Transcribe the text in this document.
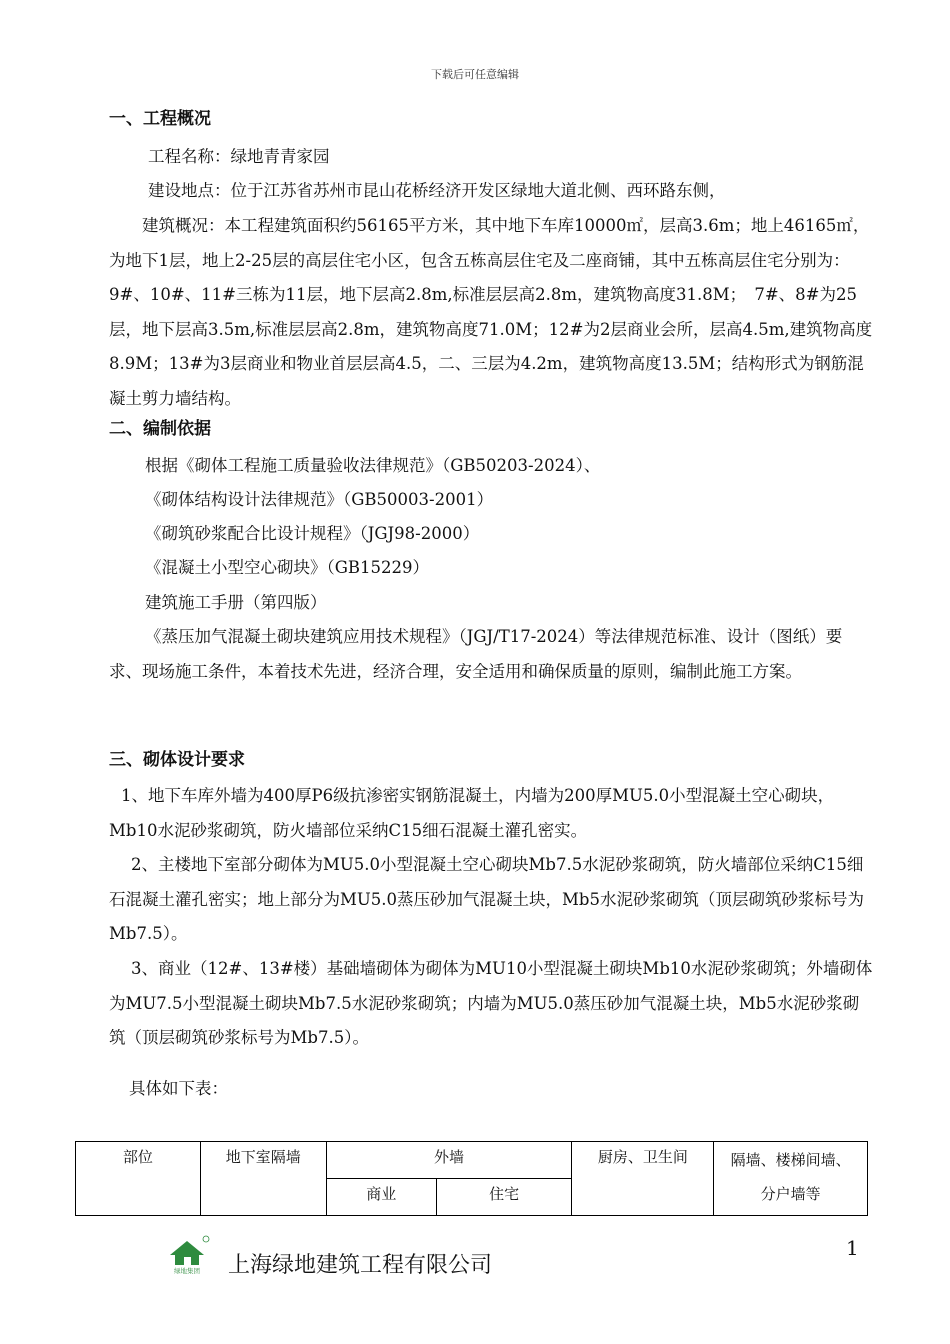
下载后可任意编辑
一、工程概况
工程名称：绿地青青家园
建设地点：位于江苏省苏州市昆山花桥经济开发区绿地大道北侧、西环路东侧，

建筑概况：本工程建筑面积约56165平方米，其中地下车库10000㎡，层高3.6m；地上46165㎡，为地下1层，地上2-25层的高层住宅小区，包含五栋高层住宅及二座商铺，其中五栋高层住宅分别为：　9#、10#、11#三栋为11层，地下层高2.8m,标准层层高2.8m，建筑物高度31.8M；　7#、8#为25层，地下层高3.5m,标准层层高2.8m，建筑物高度71.0M；12#为2层商业会所，层高4.5m,建筑物高度8.9M；13#为3层商业和物业首层层高4.5，二、三层为4.2m，建筑物高度13.5M；结构形式为钢筋混凝土剪力墙结构。

二、编制依据
根据《砌体工程施工质量验收法律规范》（GB50203-2024）、
《砌体结构设计法律规范》（GB50003-2001）
《砌筑砂浆配合比设计规程》（JGJ98-2000）
《混凝土小型空心砌块》（GB15229）
建筑施工手册（第四版）

《蒸压加气混凝土砌块建筑应用技术规程》（JGJ/T17-2024）等法律规范标准、设计（图纸）要求、现场施工条件，本着技术先进，经济合理，安全适用和确保质量的原则，编制此施工方案。

三、砌体设计要求

1、地下车库外墙为400厚P6级抗渗密实钢筋混凝土，内墙为200厚MU5.0小型混凝土空心砌块，Mb10水泥砂浆砌筑，防火墙部位采纳C15细石混凝土灌孔密实。

2、主楼地下室部分砌体为MU5.0小型混凝土空心砌块Mb7.5水泥砂浆砌筑，防火墙部位采纳C15细石混凝土灌孔密实；地上部分为MU5.0蒸压砂加气混凝土块，Mb5水泥砂浆砌筑（顶层砌筑砂浆标号为Mb7.5）。

3、商业（12#、13#楼）基础墙砌体为砌体为MU10小型混凝土砌块Mb10水泥砂浆砌筑；外墙砌体为MU7.5小型混凝土砌块Mb7.5水泥砂浆砌筑；内墙为MU5.0蒸压砂加气混凝土块，Mb5水泥砂浆砌筑（顶层砌筑砂浆标号为Mb7.5）。

具体如下表：
部位	地下室隔墙	外墙		厨房、卫生间	隔墙、楼梯间墙、
分户墙等
		商业	住宅		
绿地集团 上海绿地建筑工程有限公司
1
